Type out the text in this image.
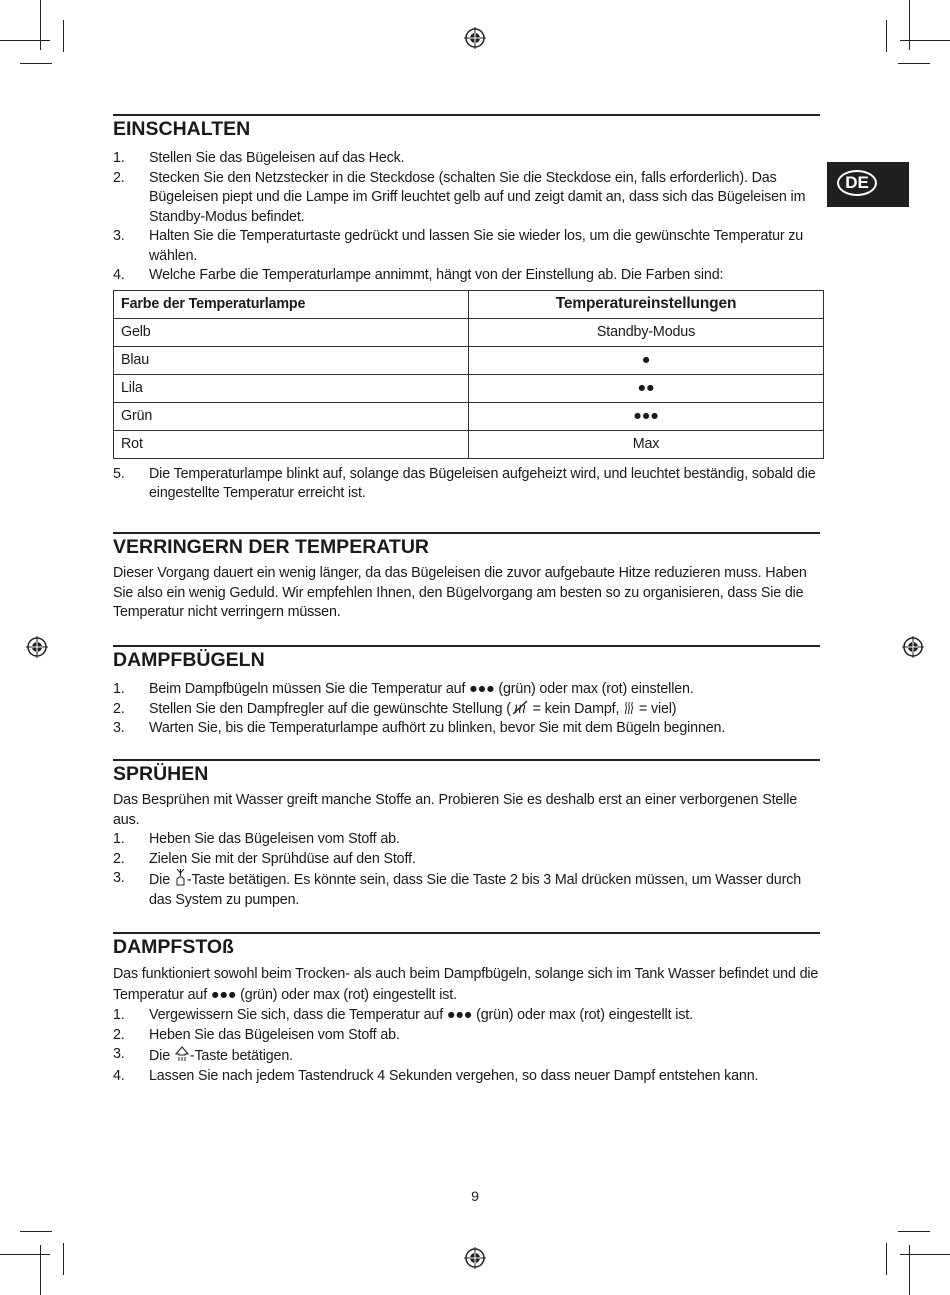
DE
EINSCHALTEN
1. Stellen Sie das Bügeleisen auf das Heck.
2. Stecken Sie den Netzstecker in die Steckdose (schalten Sie die Steckdose ein, falls erforderlich). Das Bügeleisen piept und die Lampe im Griff leuchtet gelb auf und zeigt damit an, dass sich das Bügeleisen im Standby-Modus befindet.
3. Halten Sie die Temperaturtaste gedrückt und lassen Sie sie wieder los, um die gewünschte Temperatur zu wählen.
4. Welche Farbe die Temperaturlampe annimmt, hängt von der Einstellung ab. Die Farben sind:
Farbe der Temperaturlampe	Temperatureinstellungen
Gelb	Standby-Modus
Blau	●
Lila	●●
Grün	●●●
Rot	Max
5. Die Temperaturlampe blinkt auf, solange das Bügeleisen aufgeheizt wird, und leuchtet beständig, sobald die eingestellte Temperatur erreicht ist.
VERRINGERN DER TEMPERATUR
Dieser Vorgang dauert ein wenig länger, da das Bügeleisen die zuvor aufgebaute Hitze reduzieren muss. Haben Sie also ein wenig Geduld. Wir empfehlen Ihnen, den Bügelvorgang am besten so zu organisieren, dass Sie die Temperatur nicht verringern müssen.
DAMPFBÜGELN
1. Beim Dampfbügeln müssen Sie die Temperatur auf ●●● (grün) oder max (rot) einstellen.
2. Stellen Sie den Dampfregler auf die gewünschte Stellung ( = kein Dampf,  = viel)
3. Warten Sie, bis die Temperaturlampe aufhört zu blinken, bevor Sie mit dem Bügeln beginnen.
SPRÜHEN
Das Besprühen mit Wasser greift manche Stoffe an. Probieren Sie es deshalb erst an einer verborgenen Stelle aus.
1. Heben Sie das Bügeleisen vom Stoff ab.
2. Zielen Sie mit der Sprühdüse auf den Stoff.
3. Die -Taste betätigen. Es könnte sein, dass Sie die Taste 2 bis 3 Mal drücken müssen, um Wasser durch das System zu pumpen.
DAMPFSTOß
Das funktioniert sowohl beim Trocken- als auch beim Dampfbügeln, solange sich im Tank Wasser befindet und die Temperatur auf ●●● (grün) oder max (rot) eingestellt ist.
1. Vergewissern Sie sich, dass die Temperatur auf ●●● (grün) oder max (rot) eingestellt ist.
2. Heben Sie das Bügeleisen vom Stoff ab.
3. Die -Taste betätigen.
4. Lassen Sie nach jedem Tastendruck 4 Sekunden vergehen, so dass neuer Dampf entstehen kann.
9
